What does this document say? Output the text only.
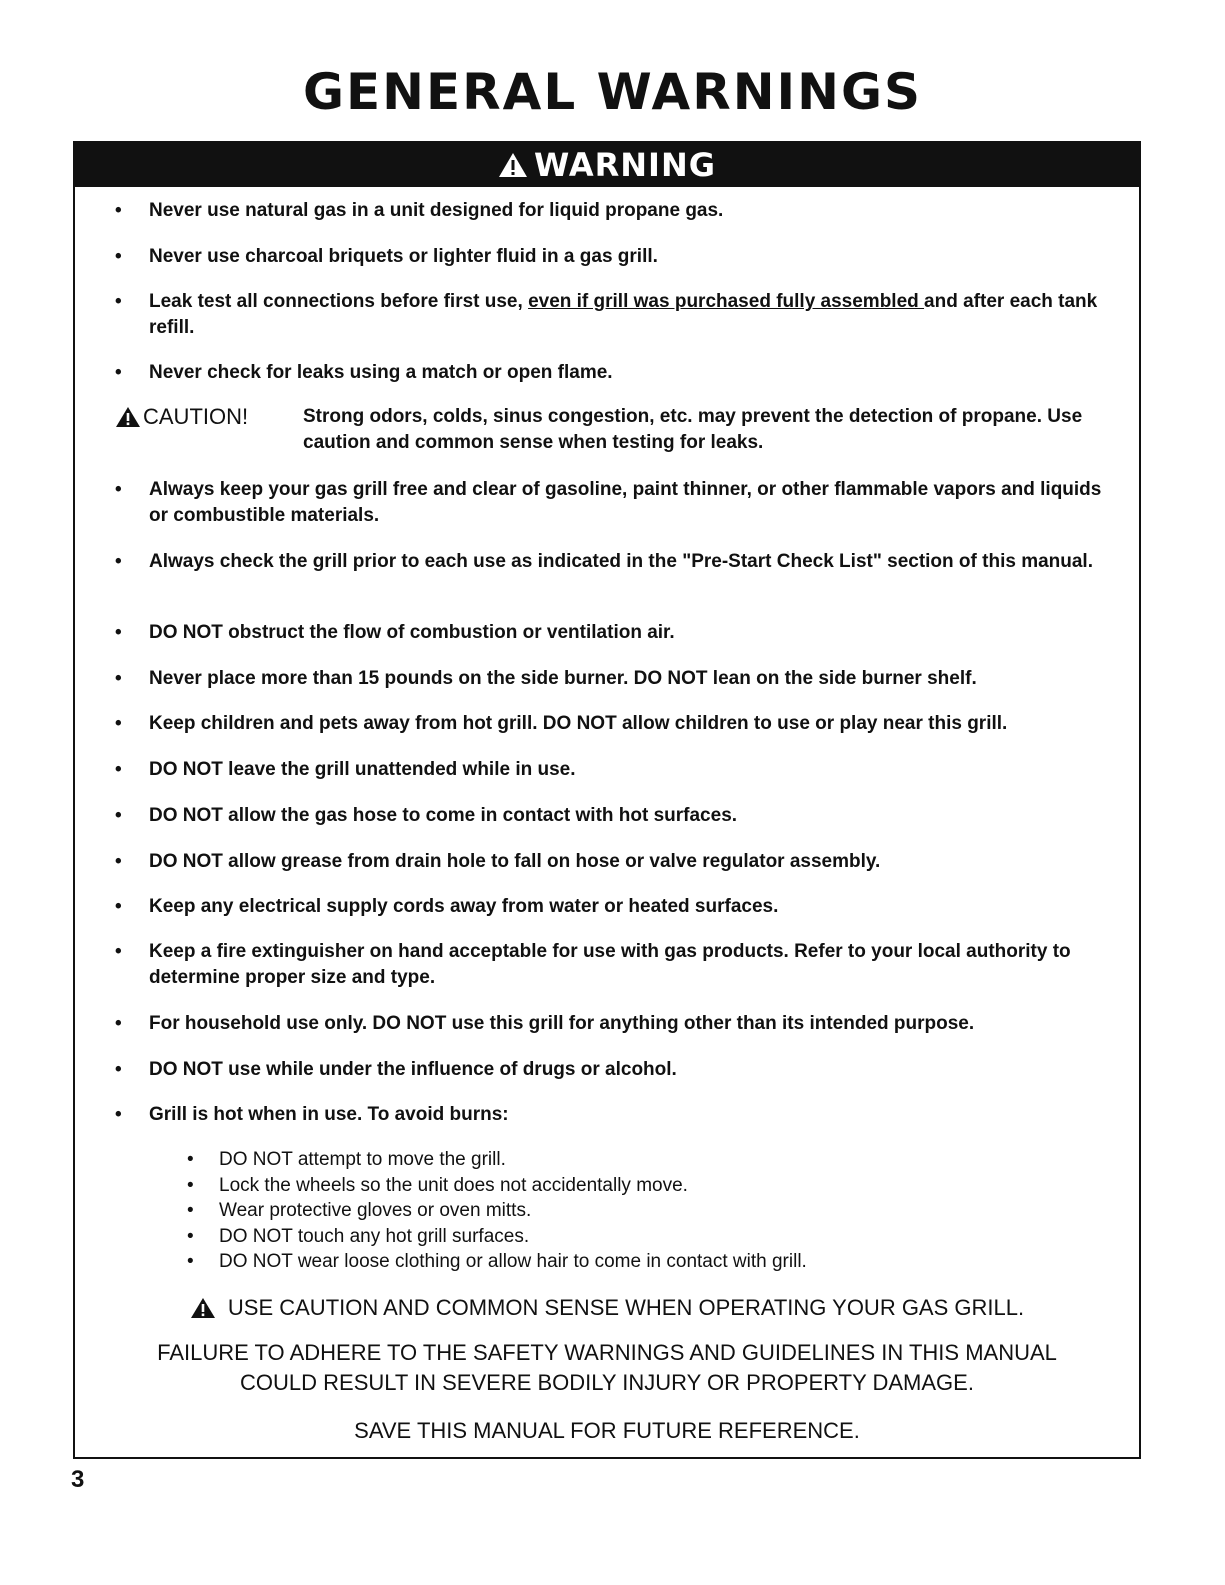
GENERAL WARNINGS
WARNING
•	Never use natural gas in a unit designed for liquid propane gas.
•	Never use charcoal briquets or lighter fluid in a gas grill.
•	Leak test all connections before first use, even if grill was purchased fully assembled and after each tank refill.
•	Never check for leaks using a match or open flame.
CAUTION!	Strong odors, colds, sinus congestion, etc. may prevent the detection of propane. Use caution and common sense when testing for leaks.
•	Always keep your gas grill free and clear of gasoline, paint thinner, or other flammable vapors and liquids or combustible materials.
•	Always check the grill prior to each use as indicated in the "Pre-Start Check List" section of this manual.
•	DO NOT obstruct the flow of combustion or ventilation air.
•	Never place more than 15 pounds on the side burner. DO NOT lean on the side burner shelf.
•	Keep children and pets away from hot grill. DO NOT allow children to use or play near this grill.
•	DO NOT leave the grill unattended while in use.
•	DO NOT allow the gas hose to come in contact with hot surfaces.
•	DO NOT allow grease from drain hole to fall on hose or valve regulator assembly.
•	Keep any electrical supply cords away from water or heated surfaces.
•	Keep a fire extinguisher on hand acceptable for use with gas products. Refer to your local authority to determine proper size and type.
•	For household use only. DO NOT use this grill for anything other than its intended purpose.
•	DO NOT use while under the influence of drugs or alcohol.
•	Grill is hot when in use. To avoid burns:
• DO NOT attempt to move the grill.
• Lock the wheels so the unit does not accidentally move.
• Wear protective gloves or oven mitts.
• DO NOT touch any hot grill surfaces.
• DO NOT wear loose clothing or allow hair to come in contact with grill.
USE CAUTION AND COMMON SENSE WHEN OPERATING YOUR GAS GRILL.
FAILURE TO ADHERE TO THE SAFETY WARNINGS AND GUIDELINES IN THIS MANUAL
COULD RESULT IN SEVERE BODILY INJURY OR PROPERTY DAMAGE.
SAVE THIS MANUAL FOR FUTURE REFERENCE.
3
